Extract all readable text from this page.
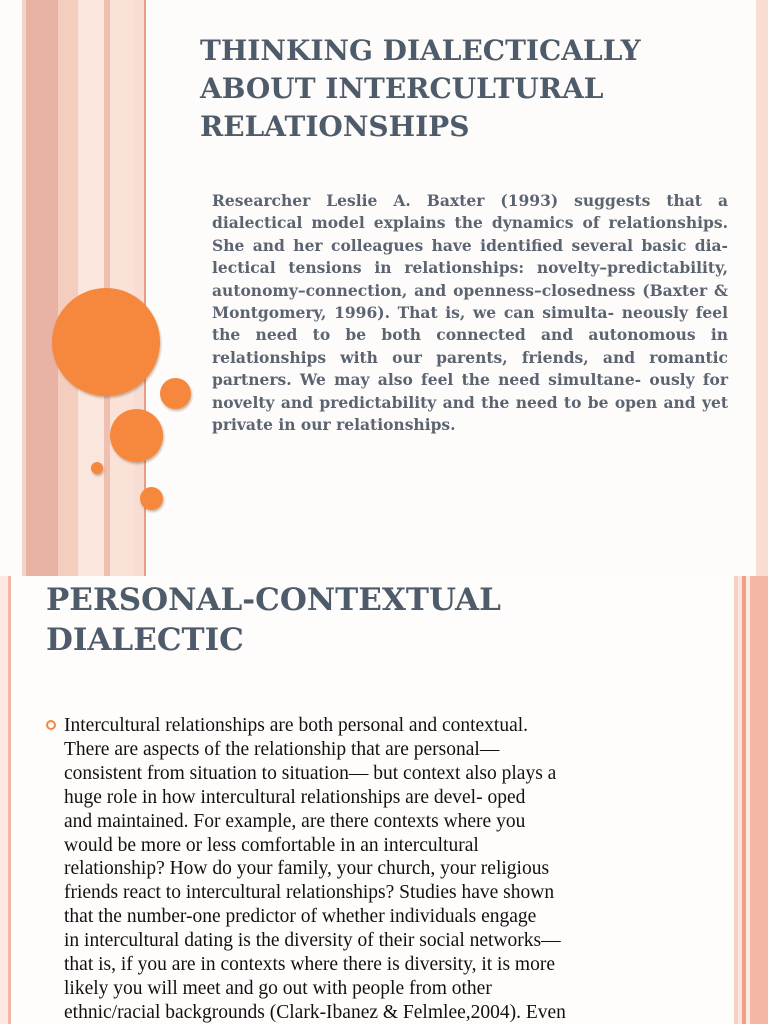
THINKING DIALECTICALLY
ABOUT INTERCULTURAL
RELATIONSHIPS

Researcher Leslie A. Baxter (1993) suggests that a dialectical model explains the dynamics of relationships. She and her colleagues have identified several basic dia- lectical tensions in relationships: novelty–predictability, autonomy–connection, and openness–closedness (Baxter & Montgomery, 1996). That is, we can simulta- neously feel the need to be both connected and autonomous in relationships with our parents, friends, and romantic partners. We may also feel the need simultane- ously for novelty and predictability and the need to be open and yet private in our relationships.

PERSONAL-CONTEXTUAL
DIALECTIC

Intercultural relationships are both personal and contextual.
There are aspects of the relationship that are personal—
consistent from situation to situation— but context also plays a
huge role in how intercultural relationships are devel- oped
and maintained. For example, are there contexts where you
would be more or less comfortable in an intercultural
relationship? How do your family, your church, your religious
friends react to intercultural relationships? Studies have shown
that the number-one predictor of whether individuals engage
in intercultural dating is the diversity of their social networks—
that is, if you are in contexts where there is diversity, it is more
likely you will meet and go out with people from other
ethnic/racial backgrounds (Clark-Ibanez & Felmlee,2004). Even
